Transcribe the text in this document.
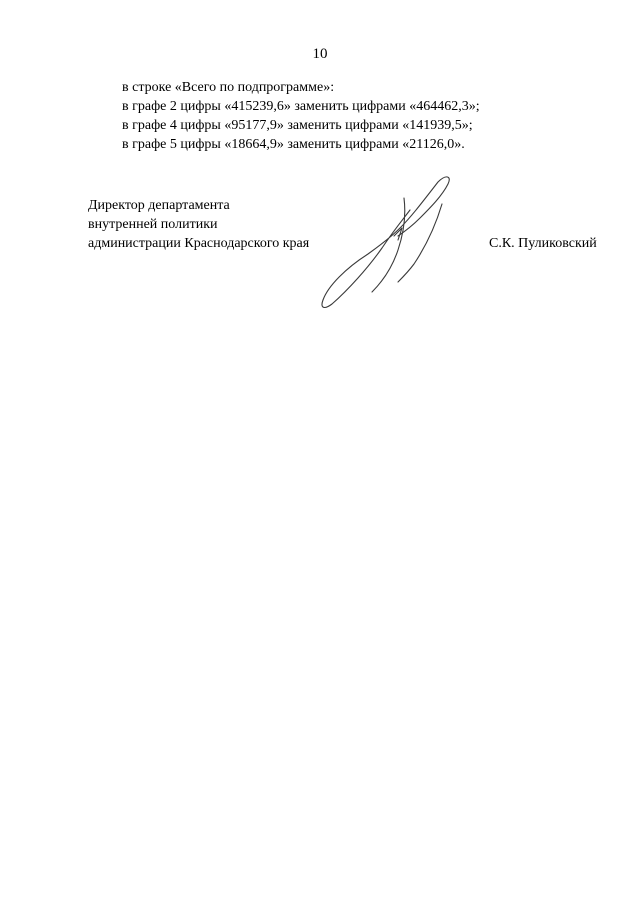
10
в строке «Всего по подпрограмме»:
в графе 2 цифры «415239,6» заменить цифрами «464462,3»;
в графе 4 цифры «95177,9» заменить цифрами «141939,5»;
в графе 5 цифры «18664,9» заменить цифрами «21126,0».
Директор департамента
внутренней политики
администрации Краснодарского края	С.К. Пуликовский
